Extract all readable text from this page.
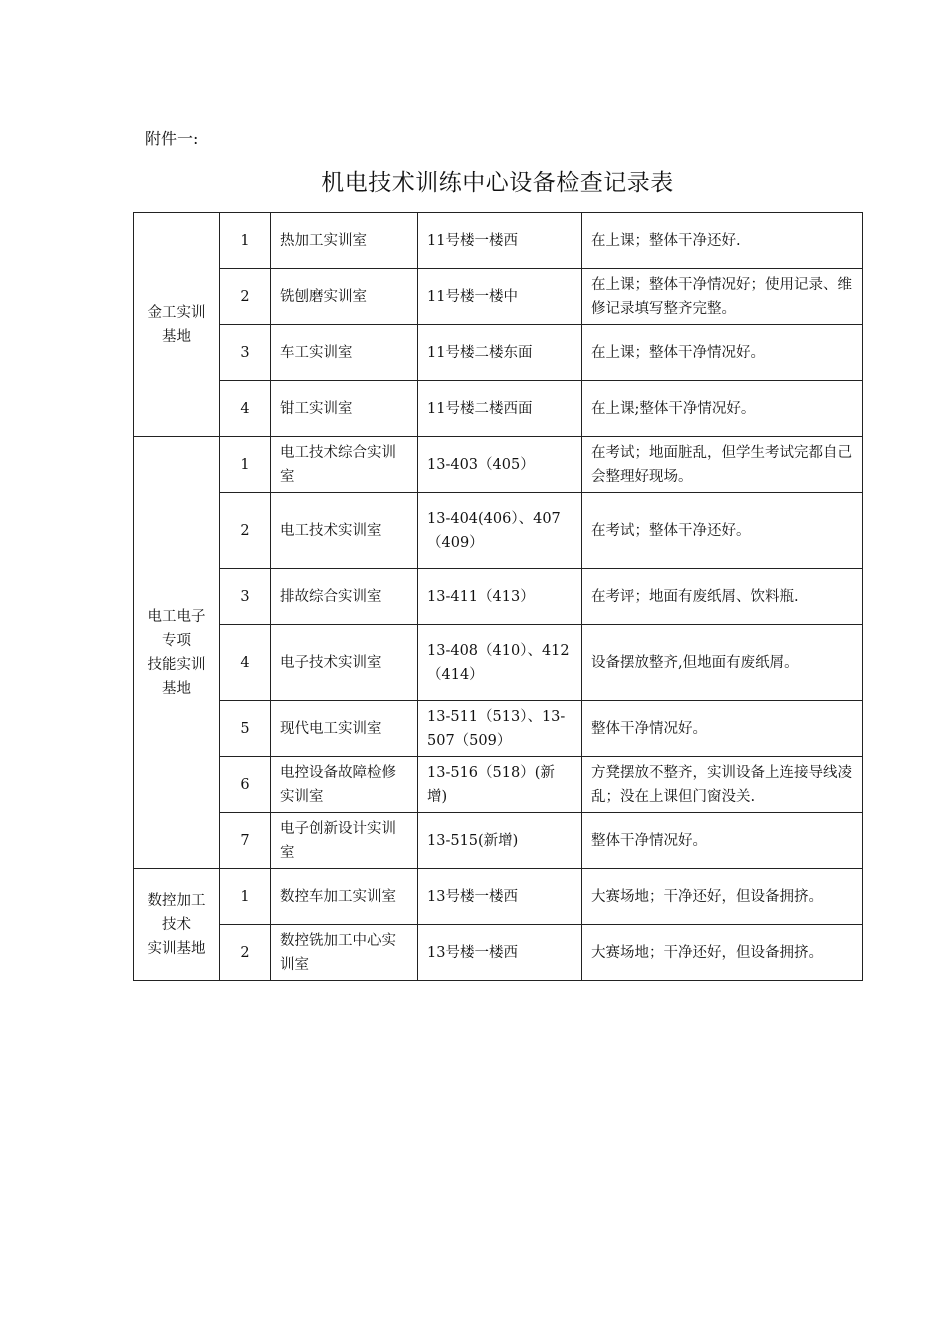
附件一:
机电技术训练中心设备检查记录表
金工实训
基地	1	热加工实训室	11号楼一楼西	在上课；整体干净还好.
	2	铣刨磨实训室	11号楼一楼中	在上课；整体干净情况好；使用记录、维修记录填写整齐完整。
	3	车工实训室	11号楼二楼东面	在上课；整体干净情况好。
	4	钳工实训室	11号楼二楼西面	在上课;整体干净情况好。

电工电子
专项
技能实训
基地	1	电工技术综合实训室	13-403（405）	在考试；地面脏乱，但学生考试完都自己会整理好现场。
	2	电工技术实训室	13-404(406）、407（409）	在考试；整体干净还好。
	3	排故综合实训室	13-411（413）	在考评；地面有废纸屑、饮料瓶.
	4	电子技术实训室	13-408（410）、412（414）	设备摆放整齐,但地面有废纸屑。
	5	现代电工实训室	13-511（513）、13-507（509）	整体干净情况好。
	6	电控设备故障检修实训室	13-516（518）(新增)	方凳摆放不整齐，实训设备上连接导线凌乱；没在上课但门窗没关.
	7	电子创新设计实训室	13-515(新增)	整体干净情况好。

数控加工
技术
实训基地	1	数控车加工实训室	13号楼一楼西	大赛场地；干净还好，但设备拥挤。
	2	数控铣加工中心实训室	13号楼一楼西	大赛场地；干净还好，但设备拥挤。
